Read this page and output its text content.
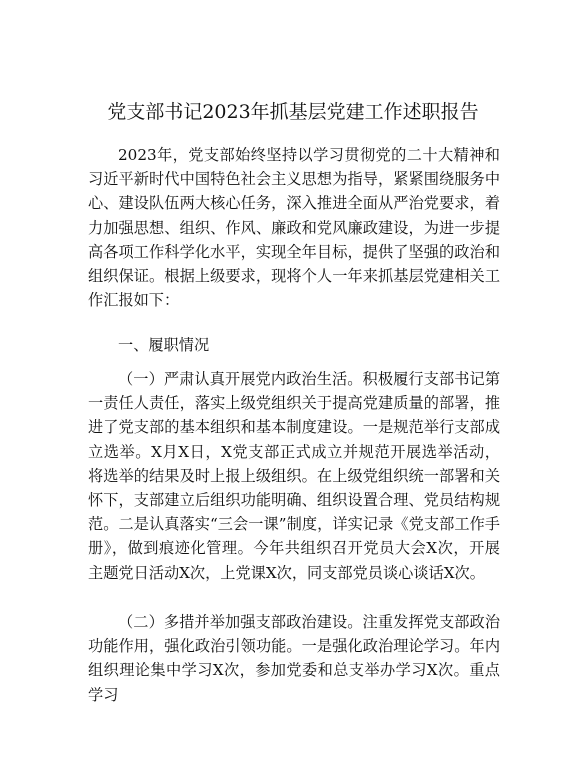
党支部书记2023年抓基层党建工作述职报告

2023年，党支部始终坚持以学习贯彻党的二十大精神和习近平新时代中国特色社会主义思想为指导，紧紧围绕服务中心、建设队伍两大核心任务，深入推进全面从严治党要求，着力加强思想、组织、作风、廉政和党风廉政建设，为进一步提高各项工作科学化水平，实现全年目标，提供了坚强的政治和组织保证。根据上级要求，现将个人一年来抓基层党建相关工作汇报如下：

一、履职情况

（一）严肃认真开展党内政治生活。积极履行支部书记第一责任人责任，落实上级党组织关于提高党建质量的部署，推进了党支部的基本组织和基本制度建设。一是规范举行支部成立选举。X月X日，X党支部正式成立并规范开展选举活动，将选举的结果及时上报上级组织。在上级党组织统一部署和关怀下，支部建立后组织功能明确、组织设置合理、党员结构规范。二是认真落实“三会一课”制度，详实记录《党支部工作手册》，做到痕迹化管理。今年共组织召开党员大会X次，开展主题党日活动X次，上党课X次，同支部党员谈心谈话X次。

（二）多措并举加强支部政治建设。注重发挥党支部政治功能作用，强化政治引领功能。一是强化政治理论学习。年内组织理论集中学习X次，参加党委和总支举办学习X次。重点学习
